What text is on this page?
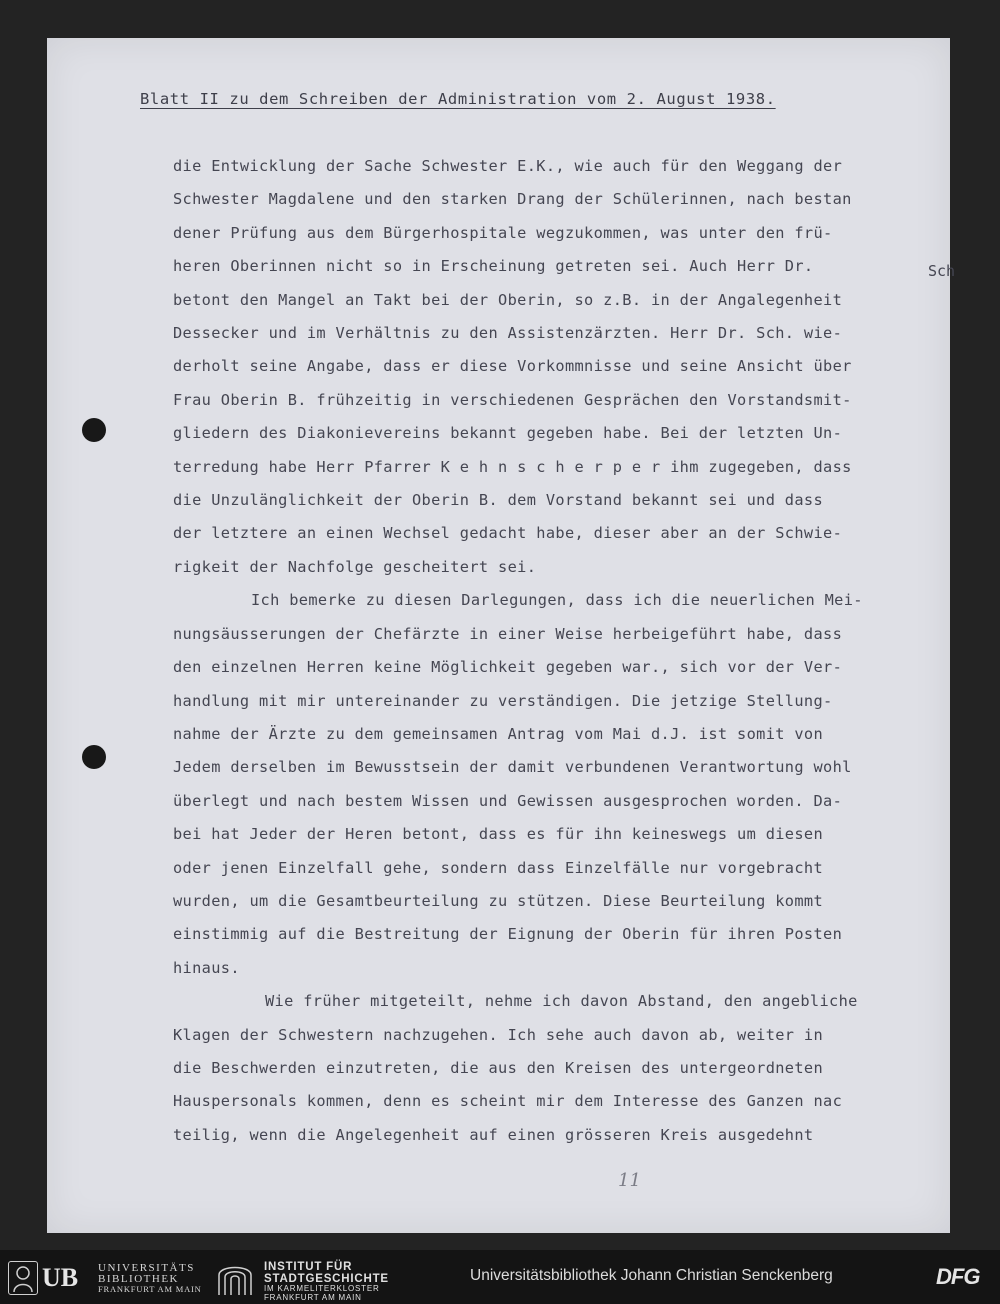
Blatt II zu dem Schreiben der Administration vom 2. August 1938.
Sch
die Entwicklung der Sache Schwester E.K., wie auch für den Weggang der
Schwester Magdalene und den starken Drang der Schülerinnen, nach bestan
dener Prüfung aus dem Bürgerhospitale wegzukommen, was unter den frü-
heren Oberinnen nicht so in Erscheinung getreten sei. Auch Herr Dr.
betont den Mangel an Takt bei der Oberin, so z.B. in der Angalegenheit
Dessecker und im Verhältnis zu den Assistenzärzten. Herr Dr. Sch. wie-
derholt seine Angabe, dass er diese Vorkommnisse und seine Ansicht über
Frau Oberin B. frühzeitig in verschiedenen Gesprächen den Vorstandsmit-
gliedern des Diakonievereins bekannt gegeben habe. Bei der letzten Un-
terredung habe Herr Pfarrer K e h n s c h e r p e r ihm zugegeben, dass
die Unzulänglichkeit der Oberin B. dem Vorstand bekannt sei und dass
der letztere an einen Wechsel gedacht habe, dieser aber an der Schwie-
rigkeit der Nachfolge gescheitert sei.
Ich bemerke zu diesen Darlegungen, dass ich die neuerlichen Mei-
nungsäusserungen der Chefärzte in einer Weise herbeigeführt habe, dass
den einzelnen Herren keine Möglichkeit gegeben war., sich vor der Ver-
handlung mit mir untereinander zu verständigen. Die jetzige Stellung-
nahme der Ärzte zu dem gemeinsamen Antrag vom Mai d.J. ist somit von
Jedem derselben im Bewusstsein der damit verbundenen Verantwortung wohl
überlegt und nach bestem Wissen und Gewissen ausgesprochen worden. Da-
bei hat Jeder der Heren betont, dass es für ihn keineswegs um diesen
oder jenen Einzelfall gehe, sondern dass Einzelfälle nur vorgebracht
wurden, um die Gesamtbeurteilung zu stützen. Diese Beurteilung kommt
einstimmig auf die Bestreitung der Eignung der Oberin für ihren Posten
hinaus.
Wie früher mitgeteilt, nehme ich davon Abstand, den angebliche
Klagen der Schwestern nachzugehen. Ich sehe auch davon ab, weiter in
die Beschwerden einzutreten, die aus den Kreisen des untergeordneten
Hauspersonals kommen, denn es scheint mir dem Interesse des Ganzen nac
teilig, wenn die Angelegenheit auf einen grösseren Kreis ausgedehnt
11
UB UNIVERSITÄTS
BIBLIOTHEK
FRANKFURT AM MAIN
INSTITUT FÜR
STADTGESCHICHTE
IM KARMELITERKLOSTER
FRANKFURT AM MAIN
Universitätsbibliothek Johann Christian Senckenberg	DFG
